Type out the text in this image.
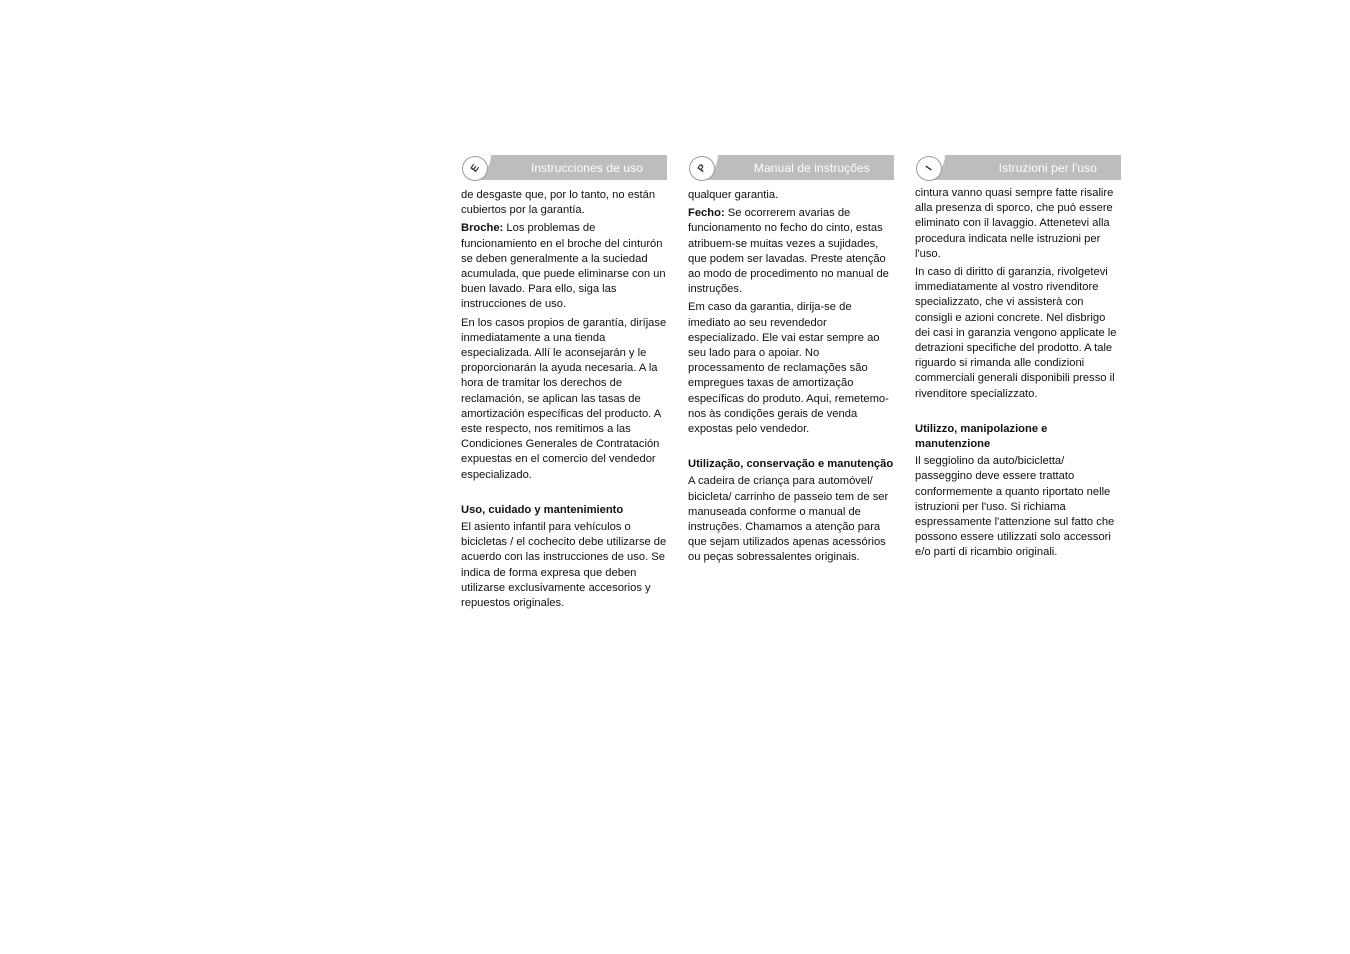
E	Instrucciones de uso

de desgaste que, por lo tanto, no están cubiertos por la garantía.

Broche: Los problemas de funcionamiento en el broche del cinturón se deben generalmente a la suciedad acumulada, que puede eliminarse con un buen lavado. Para ello, siga las instrucciones de uso.

En los casos propios de garantía, diríjase inmediatamente a una tienda especializada. Allí le aconsejarán y le proporcionarán la ayuda necesaria. A la hora de tramitar los derechos de reclamación, se aplican las tasas de amortización específicas del producto. A este respecto, nos remitimos a las Condiciones Generales de Contratación expuestas en el comercio del vendedor especializado.

Uso, cuidado y mantenimiento

El asiento infantil para vehículos o bicicletas / el cochecito debe utilizarse de acuerdo con las instrucciones de uso. Se indica de forma expresa que deben utilizarse exclusivamente accesorios y repuestos originales.

P	Manual de instruções

qualquer garantia.

Fecho: Se ocorrerem avarias de funcionamento no fecho do cinto, estas atribuem-se muitas vezes a sujidades, que podem ser lavadas. Preste atenção ao modo de procedimento no manual de instruções.

Em caso da garantia, dirija-se de imediato ao seu revendedor especializado. Ele vai estar sempre ao seu lado para o apoiar. No processamento de reclamações são empregues taxas de amortização específicas do produto. Aqui, remetemo-nos às condições gerais de venda expostas pelo vendedor.

Utilização, conservação e manutenção

A cadeira de criança para automóvel/ bicicleta/ carrinho de passeio tem de ser manuseada conforme o manual de instruções. Chamamos a atenção para que sejam utilizados apenas acessórios ou peças sobressalentes originais.

I	Istruzioni per l'uso

cintura vanno quasi sempre fatte risalire alla presenza di sporco, che può essere eliminato con il lavaggio. Attenetevi alla procedura indicata nelle istruzioni per l'uso.

In caso di diritto di garanzia, rivolgetevi immediatamente al vostro rivenditore specializzato, che vi assisterà con consigli e azioni concrete. Nel disbrigo dei casi in garanzia vengono applicate le detrazioni specifiche del prodotto. A tale riguardo si rimanda alle condizioni commerciali generali disponibili presso il rivenditore specializzato.

Utilizzo, manipolazione e manutenzione

Il seggiolino da auto/bicicletta/ passeggino deve essere trattato conformemente a quanto riportato nelle istruzioni per l'uso. Si richiama espressamente l'attenzione sul fatto che possono essere utilizzati solo accessori e/o parti di ricambio originali.
